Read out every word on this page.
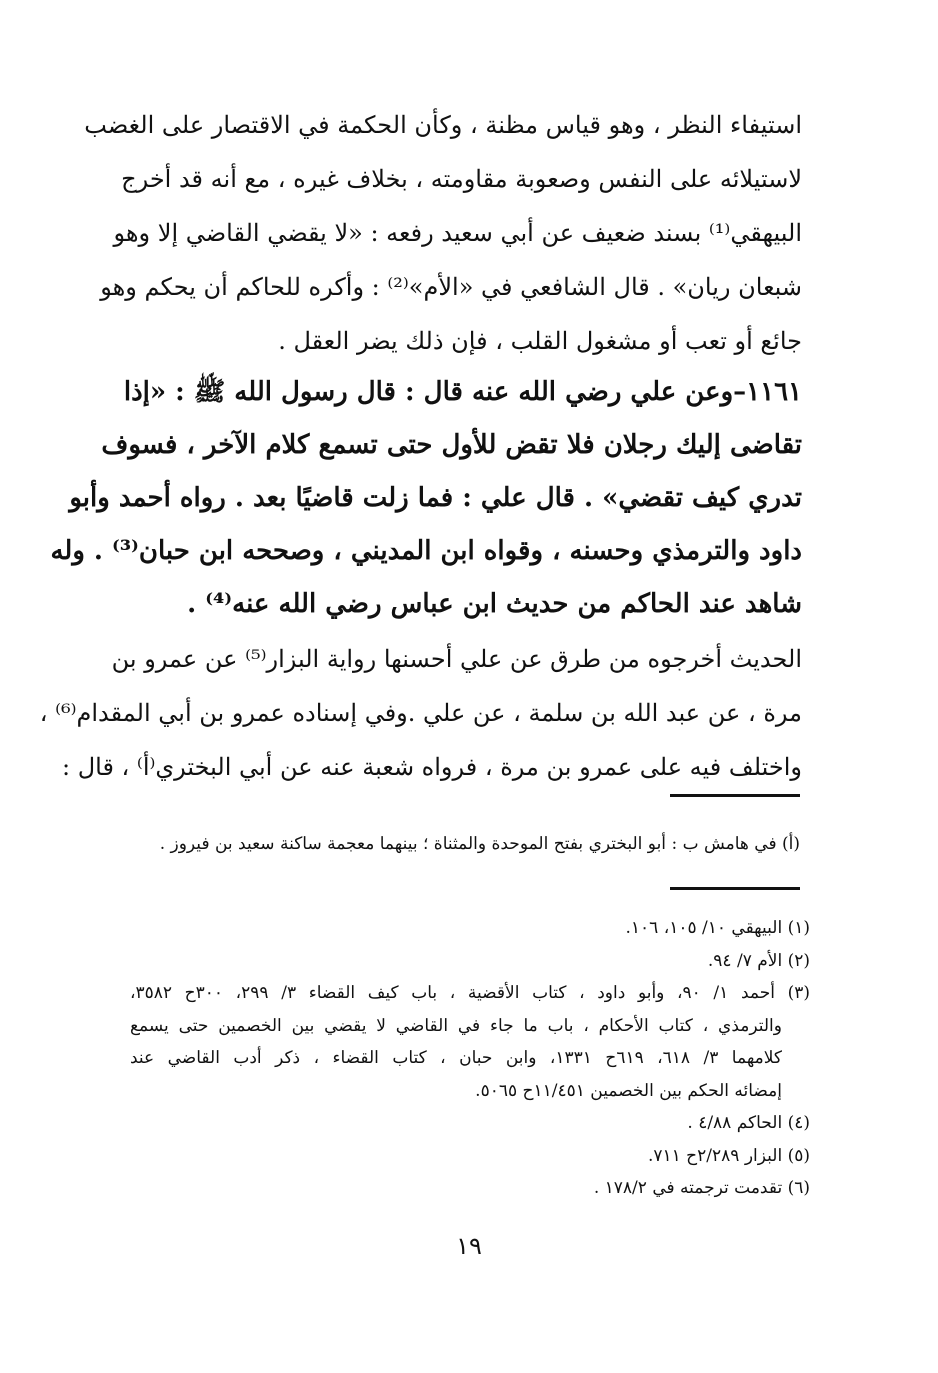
استيفاء النظر ، وهو قياس مظنة ، وكأن الحكمة في الاقتصار على الغضب
لاستيلائه على النفس وصعوبة مقاومته ، بخلاف غيره ، مع أنه قد أخرج
البيهقي⁽¹⁾ بسند ضعيف عن أبي سعيد رفعه : «لا يقضي القاضي إلا وهو
شبعان ريان» . قال الشافعي في «الأم»⁽²⁾ : وأكره للحاكم أن يحكم وهو
جائع أو تعب أو مشغول القلب ، فإن ذلك يضر العقل .
١١٦١–وعن علي رضي الله عنه قال : قال رسول الله ﷺ : «إذا
تقاضى إليك رجلان فلا تقض للأول حتى تسمع كلام الآخر ، فسوف
تدري كيف تقضي» . قال علي : فما زلت قاضيًا بعد . رواه أحمد وأبو
داود والترمذي وحسنه ، وقواه ابن المديني ، وصححه ابن حبان⁽³⁾ . وله
شاهد عند الحاكم من حديث ابن عباس رضي الله عنه⁽⁴⁾ .
الحديث أخرجوه من طرق عن علي أحسنها رواية البزار⁽⁵⁾ عن عمرو بن
مرة ، عن عبد الله بن سلمة ، عن علي .وفي إسناده عمرو بن أبي المقدام⁽⁶⁾ ،
واختلف فيه على عمرو بن مرة ، فرواه شعبة عنه عن أبي البختري⁽أ⁾ ، قال :
(أ) في هامش ب : أبو البختري بفتح الموحدة والمثناة ؛ بينهما معجمة ساكنة سعيد بن فيروز .
(١) البيهقي ١٠/ ١٠٥، ١٠٦.
(٢) الأم ٧/ ٩٤.
(٣) أحمد ١/ ٩٠، وأبو داود ، كتاب الأقضية ، باب كيف القضاء ٣/ ٢٩٩، ٣٠٠ح ٣٥٨٢،
والترمذي ، كتاب الأحكام ، باب ما جاء في القاضي لا يقضي بين الخصمين حتى يسمع
كلامهما ٣/ ٦١٨، ٦١٩ح ١٣٣١، وابن حبان ، كتاب القضاء ، ذكر أدب القاضي عند
إمضائه الحكم بين الخصمين ١١/٤٥١ح ٥٠٦٥.
(٤) الحاكم ٤/٨٨ .
(٥) البزار ٢/٢٨٩ح ٧١١.
(٦) تقدمت ترجمته في ١٧٨/٢ .
١٩
